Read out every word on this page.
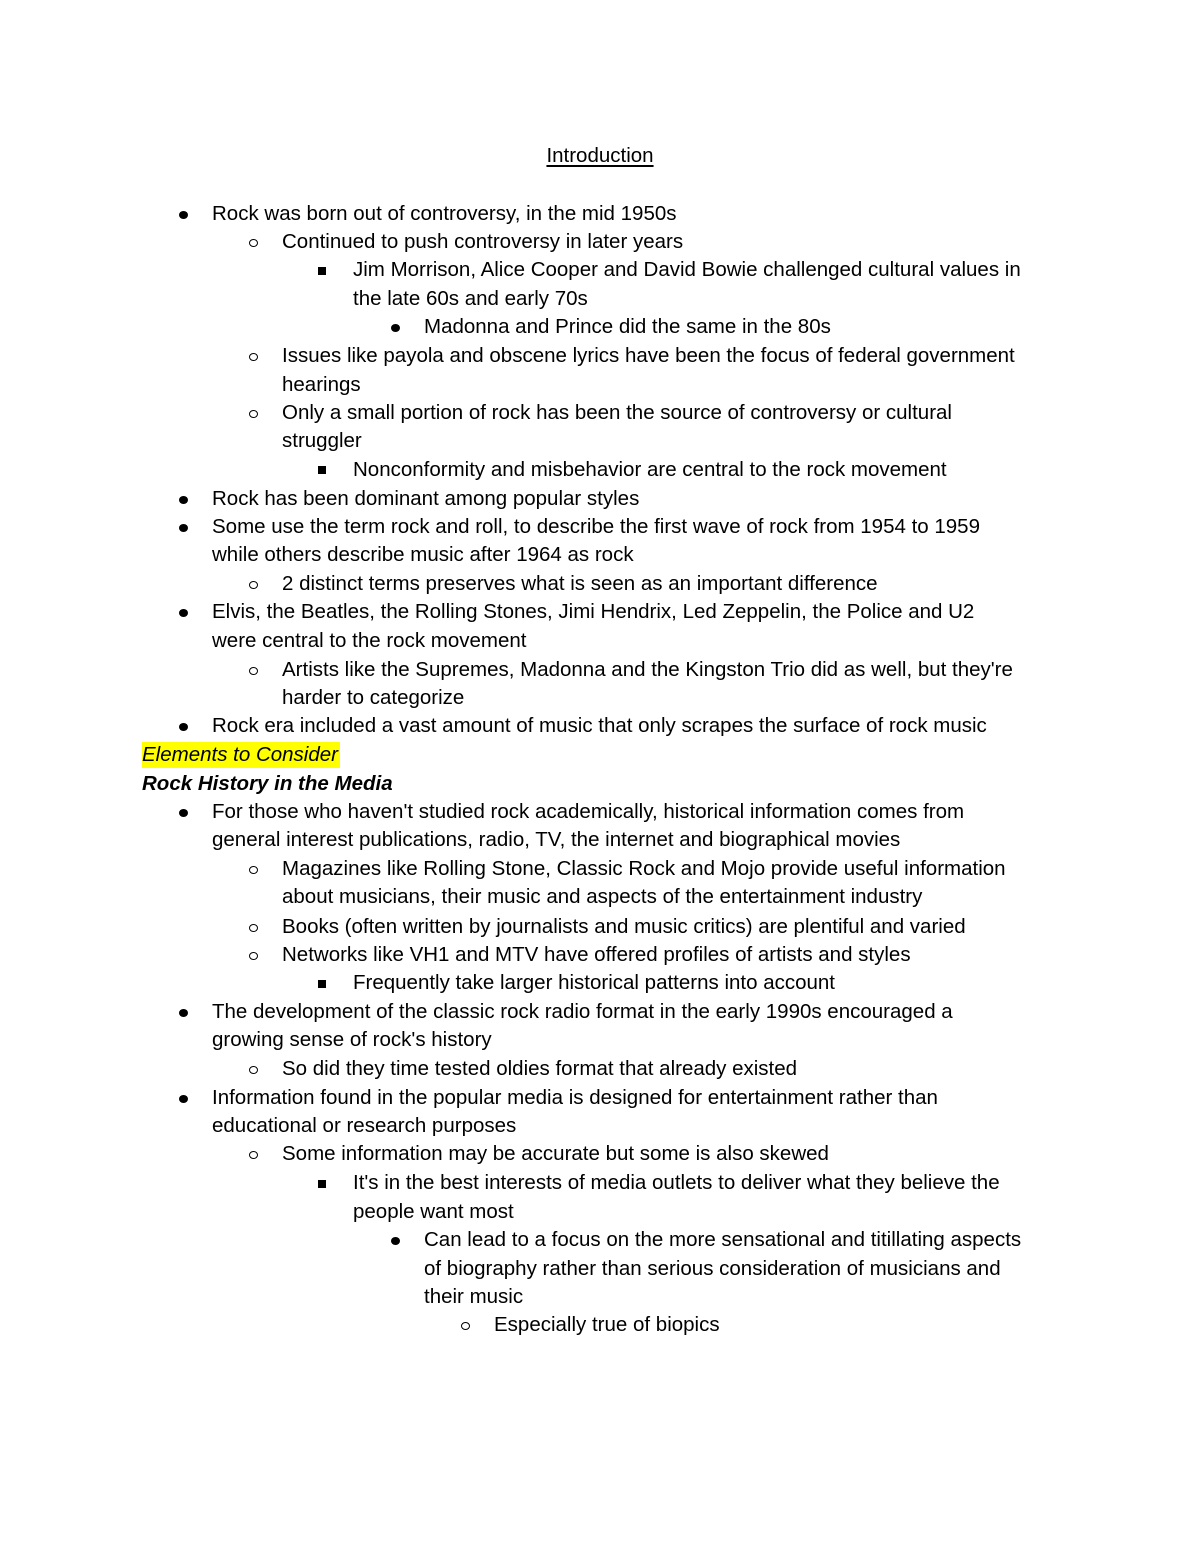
Introduction
Rock was born out of controversy, in the mid 1950s
Continued to push controversy in later years
Jim Morrison, Alice Cooper and David Bowie challenged cultural values in
the late 60s and early 70s
Madonna and Prince did the same in the 80s
Issues like payola and obscene lyrics have been the focus of federal government
hearings
Only a small portion of rock has been the source of controversy or cultural
struggler
Nonconformity and misbehavior are central to the rock movement
Rock has been dominant among popular styles
Some use the term rock and roll, to describe the first wave of rock from 1954 to 1959
while others describe music after 1964 as rock
2 distinct terms preserves what is seen as an important difference
Elvis, the Beatles, the Rolling Stones, Jimi Hendrix, Led Zeppelin, the Police and U2
were central to the rock movement
Artists like the Supremes, Madonna and the Kingston Trio did as well, but they're
harder to categorize
Rock era included a vast amount of music that only scrapes the surface of rock music
Elements to Consider
Rock History in the Media
For those who haven't studied rock academically, historical information comes from
general interest publications, radio, TV, the internet and biographical movies
Magazines like Rolling Stone, Classic Rock and Mojo provide useful information
about musicians, their music and aspects of the entertainment industry
Books (often written by journalists and music critics) are plentiful and varied
Networks like VH1 and MTV have offered profiles of artists and styles
Frequently take larger historical patterns into account
The development of the classic rock radio format in the early 1990s encouraged a
growing sense of rock's history
So did they time tested oldies format that already existed
Information found in the popular media is designed for entertainment rather than
educational or research purposes
Some information may be accurate but some is also skewed
It's in the best interests of media outlets to deliver what they believe the
people want most
Can lead to a focus on the more sensational and titillating aspects
of biography rather than serious consideration of musicians and
their music
Especially true of biopics
